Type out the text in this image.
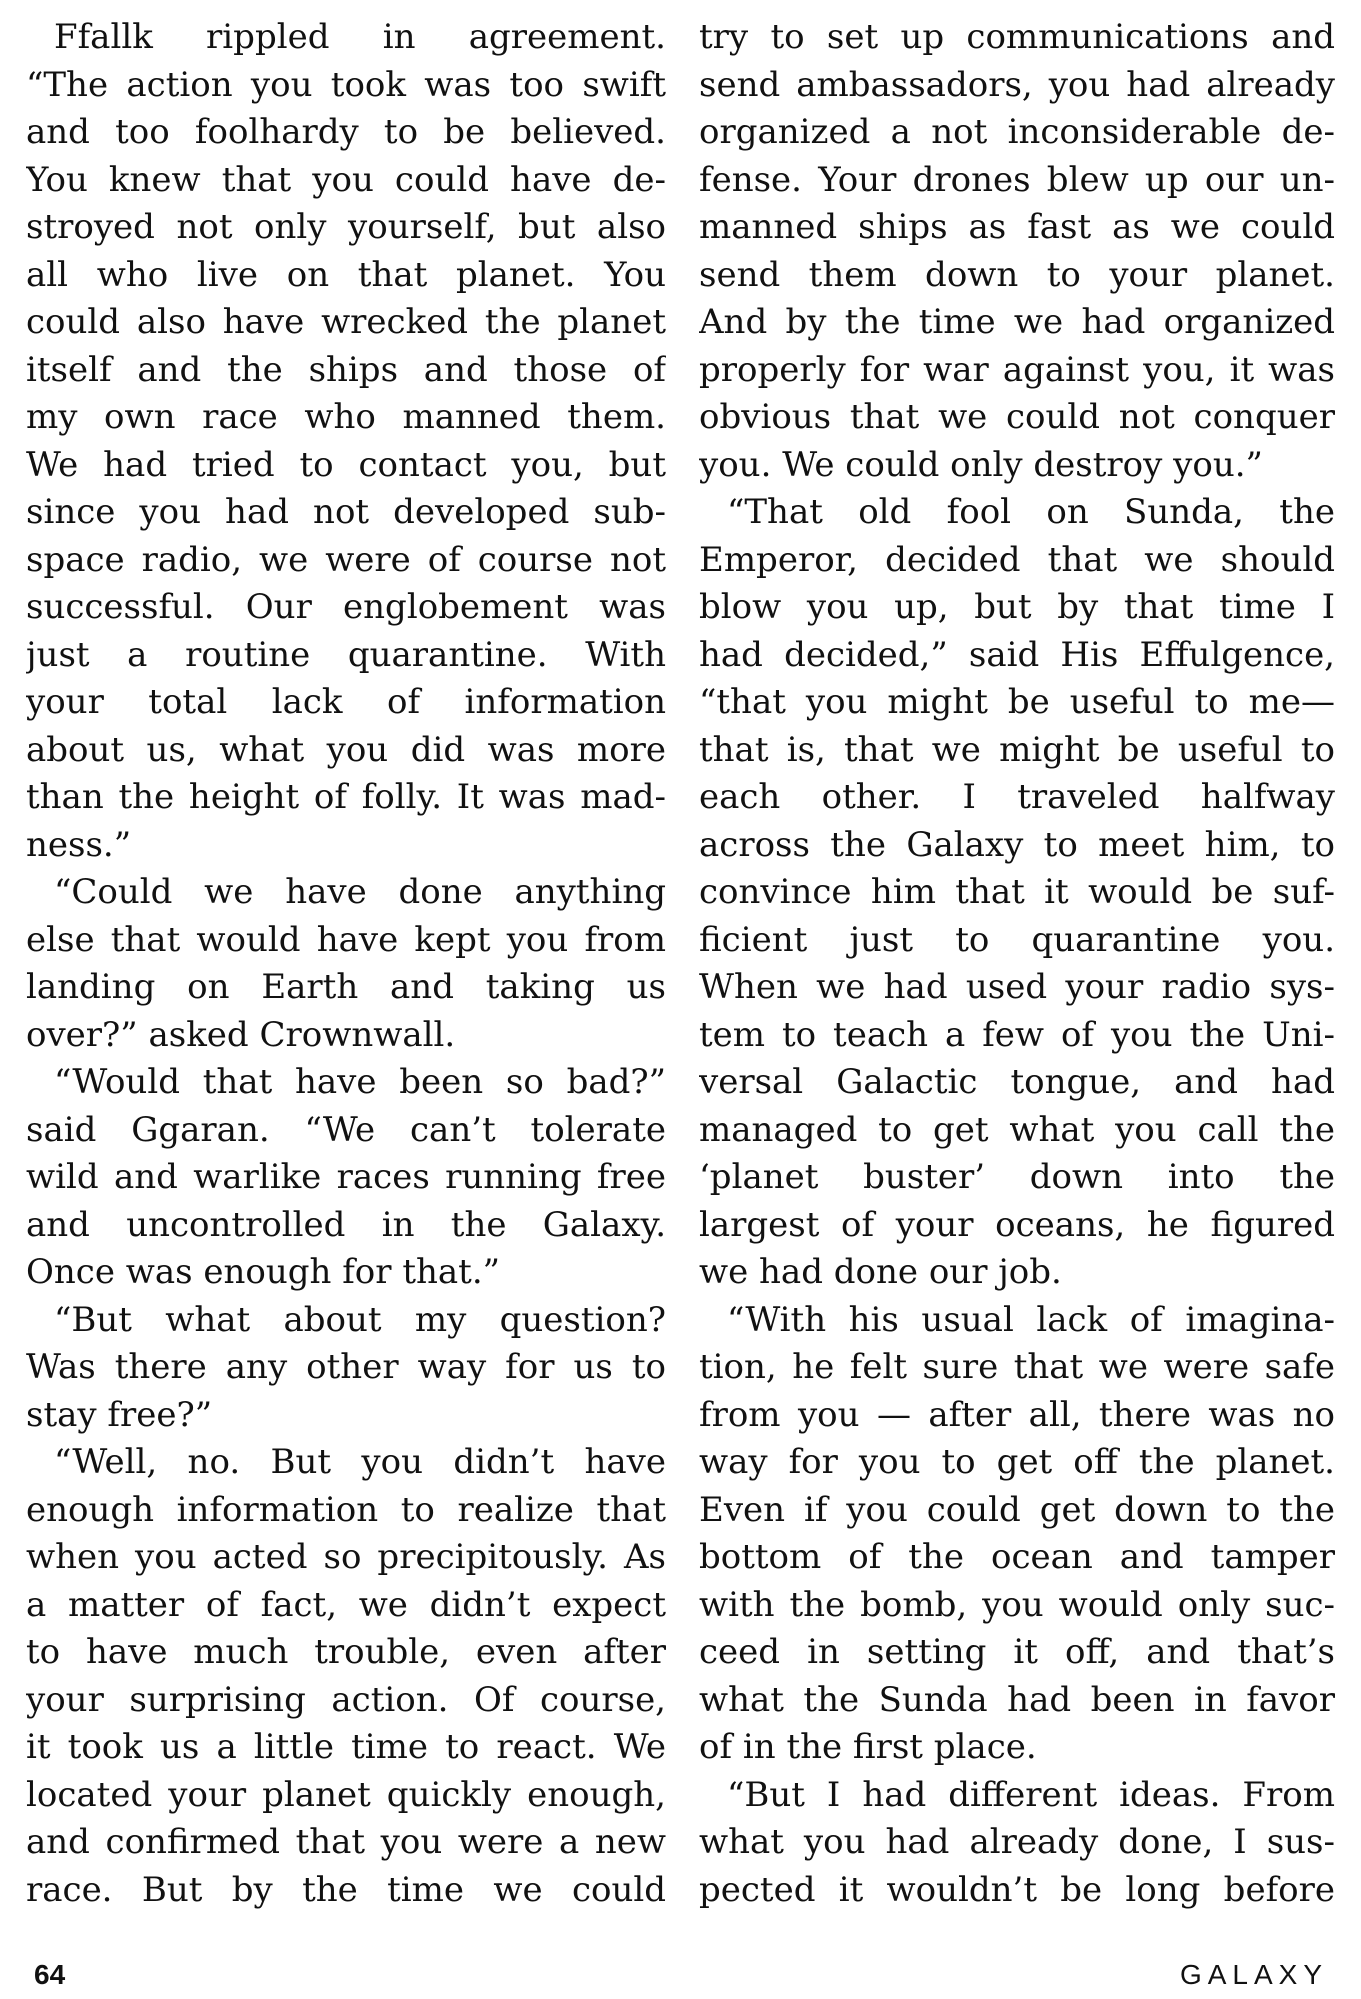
Ffallk rippled in agreement.
“The action you took was too swift
and too foolhardy to be believed.
You knew that you could have de-
stroyed not only yourself, but also
all who live on that planet. You
could also have wrecked the planet
itself and the ships and those of
my own race who manned them.
We had tried to contact you, but
since you had not developed sub-
space radio, we were of course not
successful. Our englobement was
just a routine quarantine. With
your total lack of information
about us, what you did was more
than the height of folly. It was mad-
ness.”
“Could we have done anything
else that would have kept you from
landing on Earth and taking us
over?” asked Crownwall.
“Would that have been so bad?”
said Ggaran. “We can’t tolerate
wild and warlike races running free
and uncontrolled in the Galaxy.
Once was enough for that.”
“But what about my question?
Was there any other way for us to
stay free?”
“Well, no. But you didn’t have
enough information to realize that
when you acted so precipitously. As
a matter of fact, we didn’t expect
to have much trouble, even after
your surprising action. Of course,
it took us a little time to react. We
located your planet quickly enough,
and confirmed that you were a new
race. But by the time we could
try to set up communications and
send ambassadors, you had already
organized a not inconsiderable de-
fense. Your drones blew up our un-
manned ships as fast as we could
send them down to your planet.
And by the time we had organized
properly for war against you, it was
obvious that we could not conquer
you. We could only destroy you.”
“That old fool on Sunda, the
Emperor, decided that we should
blow you up, but by that time I
had decided,” said His Effulgence,
“that you might be useful to me—
that is, that we might be useful to
each other. I traveled halfway
across the Galaxy to meet him, to
convince him that it would be suf-
ficient just to quarantine you.
When we had used your radio sys-
tem to teach a few of you the Uni-
versal Galactic tongue, and had
managed to get what you call the
‘planet buster’ down into the
largest of your oceans, he figured
we had done our job.
“With his usual lack of imagina-
tion, he felt sure that we were safe
from you — after all, there was no
way for you to get off the planet.
Even if you could get down to the
bottom of the ocean and tamper
with the bomb, you would only suc-
ceed in setting it off, and that’s
what the Sunda had been in favor
of in the first place.
“But I had different ideas. From
what you had already done, I sus-
pected it wouldn’t be long before
64	GALAXY
